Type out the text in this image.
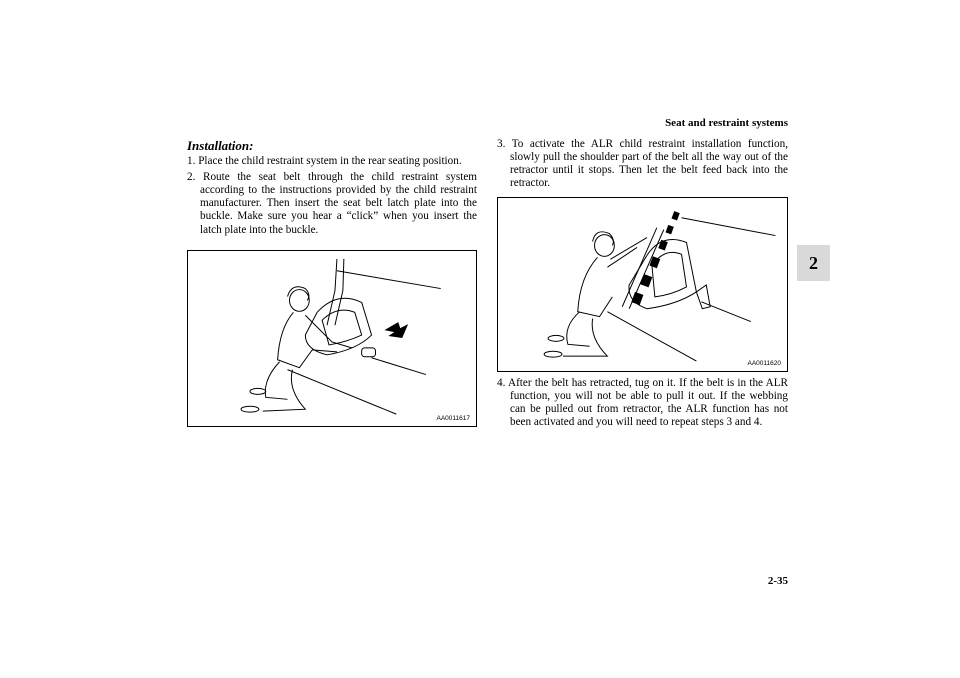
Seat and restraint systems
2

Installation:

1. Place the child restraint system in the rear seating position.

2. Route the seat belt through the child restraint system according to the instructions provided by the child restraint manufacturer. Then insert the seat belt latch plate into the buckle. Make sure you hear a “click” when you insert the latch plate into the buckle.

AA0011617

3. To activate the ALR child restraint installation function, slowly pull the shoulder part of the belt all the way out of the retractor until it stops. Then let the belt feed back into the retractor.

AA0011620

4. After the belt has retracted, tug on it. If the belt is in the ALR function, you will not be able to pull it out. If the webbing can be pulled out from retractor, the ALR function has not been activated and you will need to repeat steps 3 and 4.

2-35
